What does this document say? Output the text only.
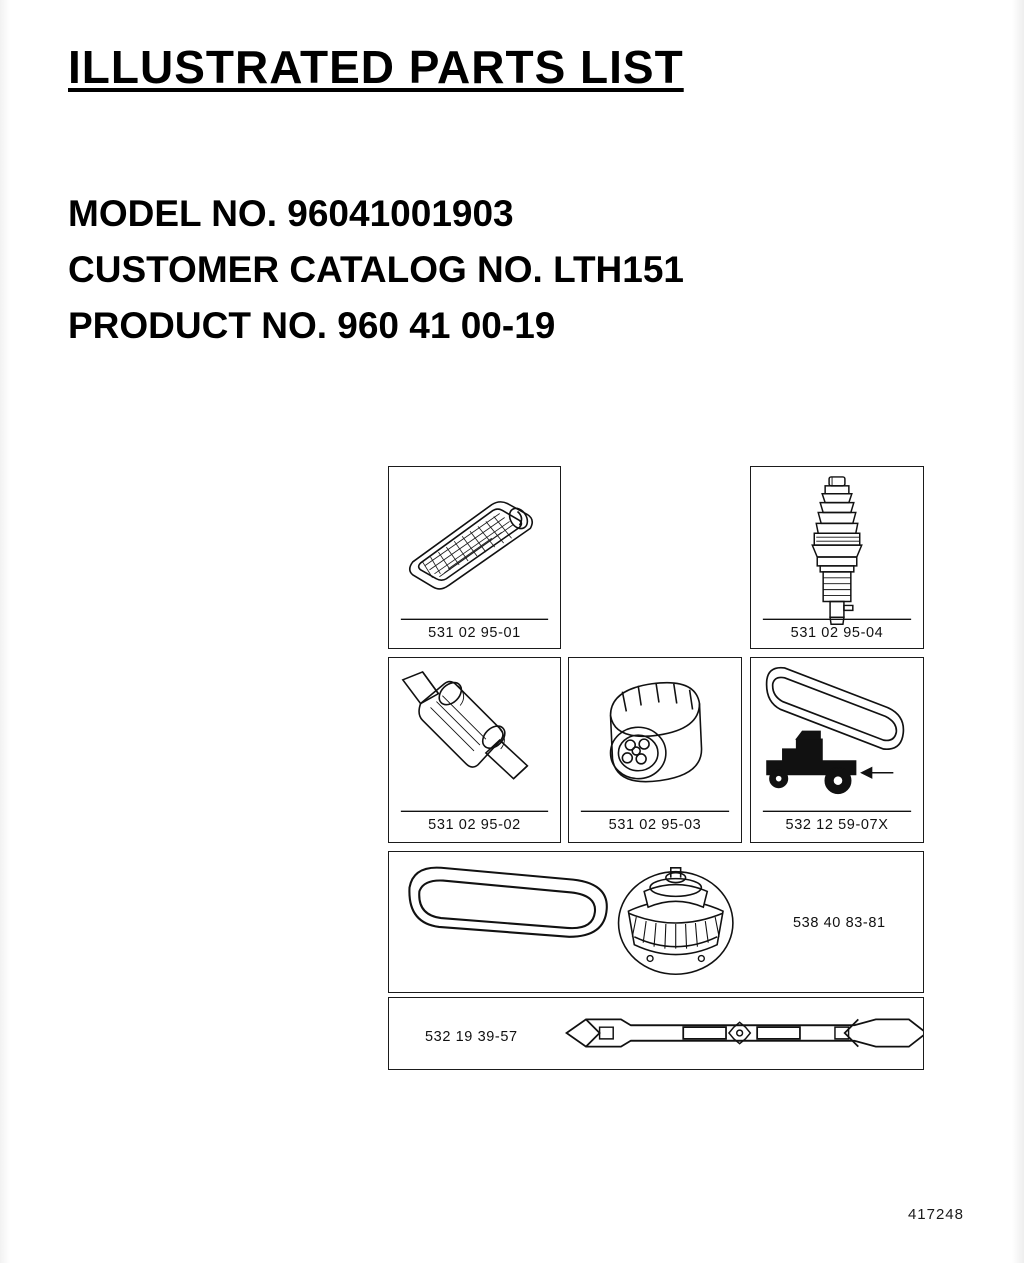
ILLUSTRATED PARTS LIST
MODEL NO. 96041001903
CUSTOMER CATALOG NO. LTH151
PRODUCT NO. 960 41 00-19
531 02 95-01	531 02 95-04
531 02 95-02	531 02 95-03	532 12 59-07X
538 40 83-81
532 19 39-57
417248
